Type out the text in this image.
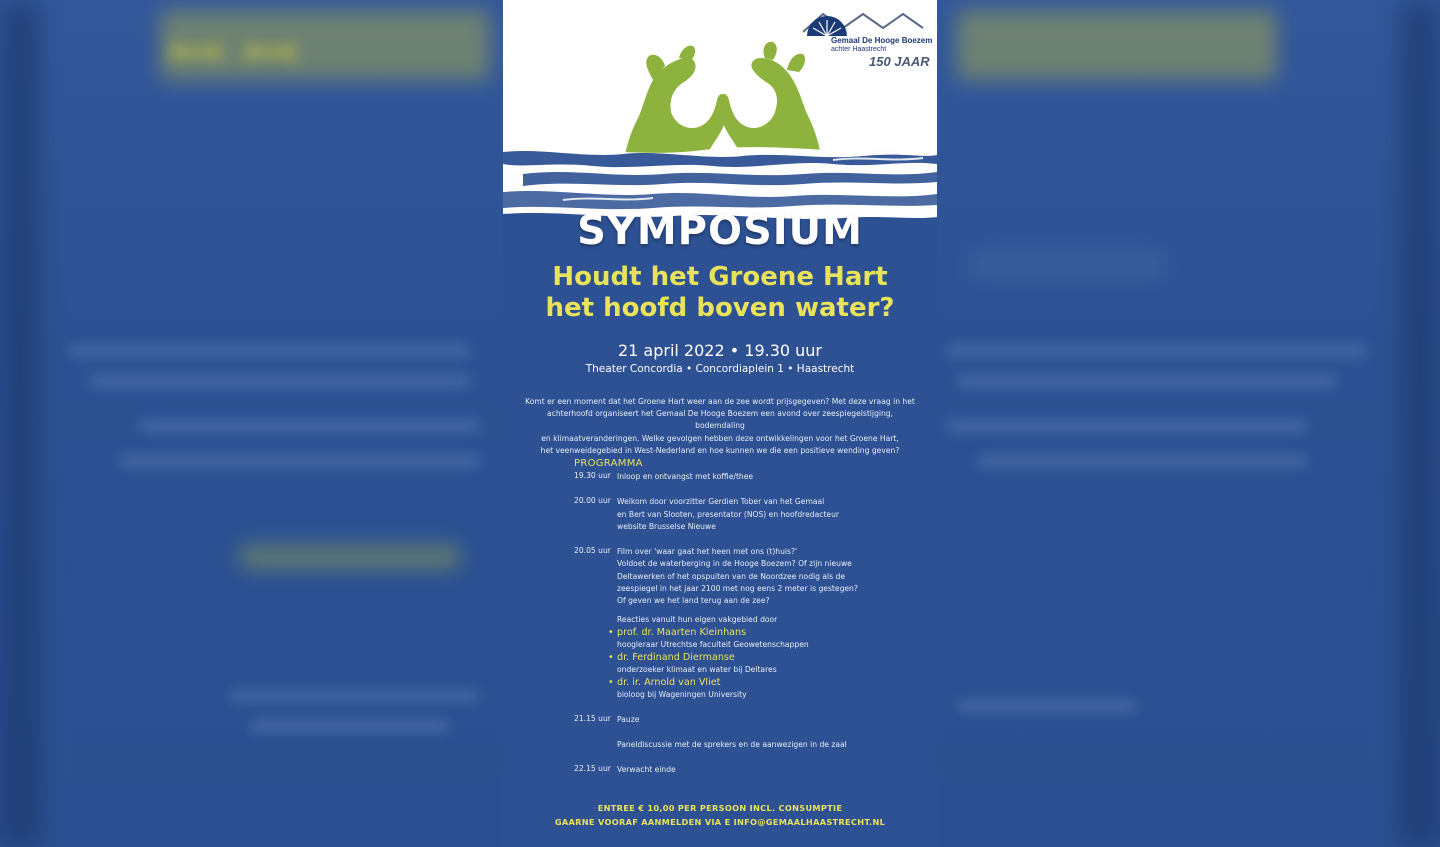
Gemaal De Hooge Boezem
achter Haastrecht
150 JAAR
SYMPOSIUM
Houdt het Groene Hart
het hoofd boven water?
21 april 2022 • 19.30 uur
Theater Concordia • Concordiaplein 1 • Haastrecht
Komt er een moment dat het Groene Hart weer aan de zee wordt prijsgegeven? Met deze vraag in het
achterhoofd organiseert het Gemaal De Hooge Boezem een avond over zeespiegelstijging, bodemdaling
en klimaatveranderingen. Welke gevolgen hebben deze ontwikkelingen voor het Groene Hart,
het veenweidegebied in West-Nederland en hoe kunnen we die een positieve wending geven?
PROGRAMMA
19.30 uur Inloop en ontvangst met koffie/thee
20.00 uur Welkom door voorzitter Gerdien Tober van het Gemaal
en Bert van Slooten, presentator (NOS) en hoofdredacteur
website Brusselse Nieuwe
20.05 uur Film over 'waar gaat het heen met ons (t)huis?'
Voldoet de waterberging in de Hooge Boezem? Of zijn nieuwe
Deltawerken of het opspuiten van de Noordzee nodig als de
zeespiegel in het jaar 2100 met nog eens 2 meter is gestegen?
Of geven we het land terug aan de zee?
Reacties vanuit hun eigen vakgebied door
• prof. dr. Maarten Kleinhans
hoogleraar Utrechtse faculteit Geowetenschappen
• dr. Ferdinand Diermanse
onderzoeker klimaat en water bij Deltares
• dr. ir. Arnold van Vliet
bioloog bij Wageningen University
21.15 uur Pauze
Paneldiscussie met de sprekers en de aanwezigen in de zaal
22.15 uur Verwacht einde
ENTREE € 10,00 PER PERSOON INCL. CONSUMPTIE
GAARNE VOORAF AANMELDEN VIA E INFO@GEMAALHAASTRECHT.NL
